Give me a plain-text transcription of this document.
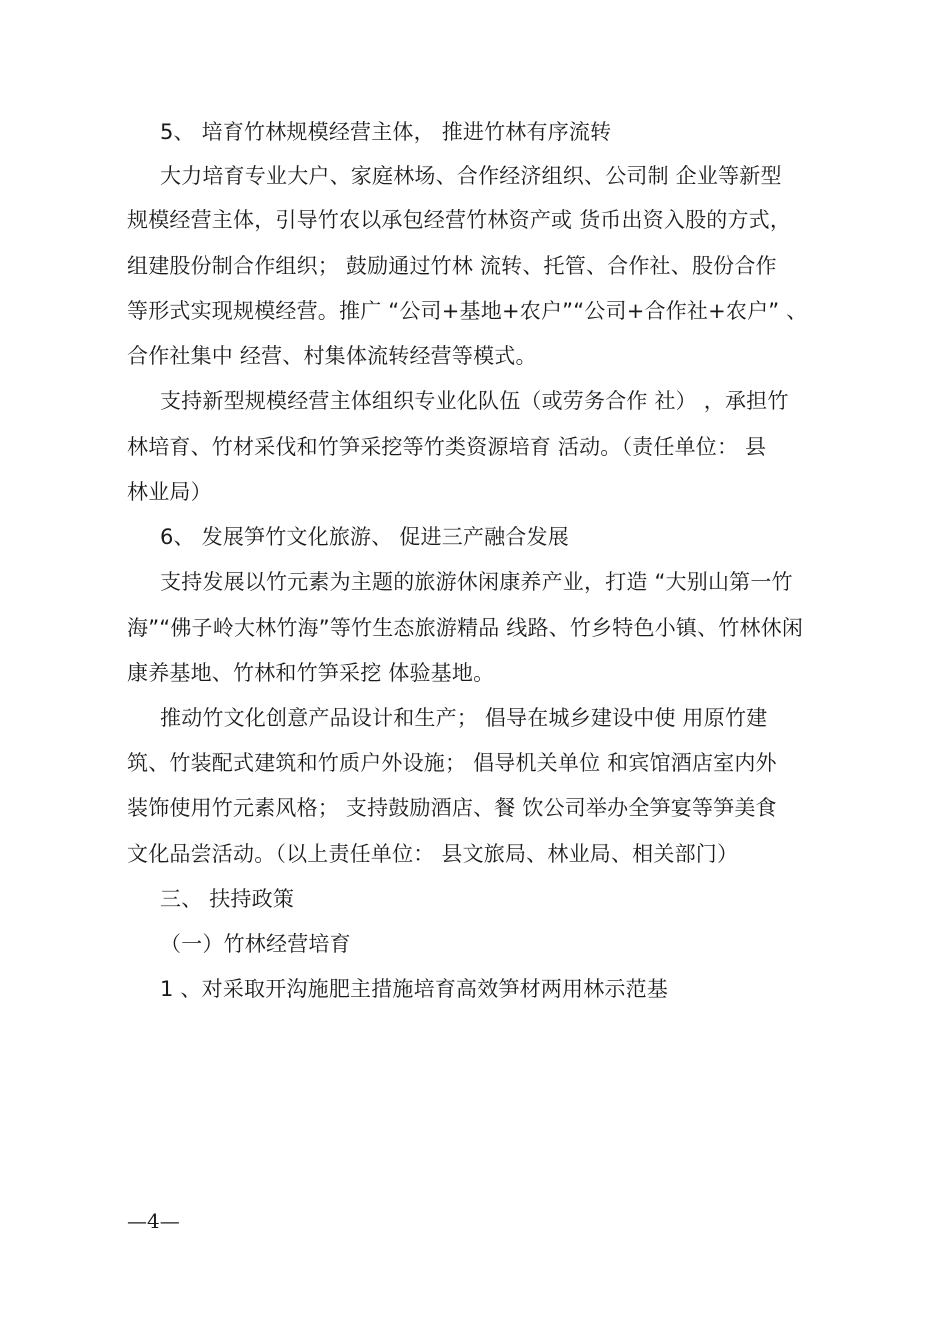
5、 培育竹林规模经营主体， 推进竹林有序流转
大力培育专业大户、家庭林场、合作经济组织、公司制 企业等新型
规模经营主体，引导竹农以承包经营竹林资产或 货币出资入股的方式，
组建股份制合作组织； 鼓励通过竹林 流转、托管、合作社、股份合作
等形式实现规模经营。推广 “公司+基地+农户”“公司+合作社+农户” 、
合作社集中 经营、村集体流转经营等模式。
支持新型规模经营主体组织专业化队伍（或劳务合作 社） ，承担竹
林培育、竹材采伐和竹笋采挖等竹类资源培育 活动。（责任单位： 县
林业局）
6、 发展笋竹文化旅游、 促进三产融合发展
支持发展以竹元素为主题的旅游休闲康养产业，打造 “大别山第一竹
海”“佛子岭大林竹海”等竹生态旅游精品 线路、竹乡特色小镇、竹林休闲
康养基地、竹林和竹笋采挖 体验基地。
推动竹文化创意产品设计和生产； 倡导在城乡建设中使 用原竹建
筑、竹装配式建筑和竹质户外设施； 倡导机关单位 和宾馆酒店室内外
装饰使用竹元素风格； 支持鼓励酒店、餐 饮公司举办全笋宴等笋美食
文化品尝活动。（以上责任单位： 县文旅局、林业局、相关部门）
三、 扶持政策
（一）竹林经营培育
1 、对采取开沟施肥主措施培育高效笋材两用林示范基
—4—
